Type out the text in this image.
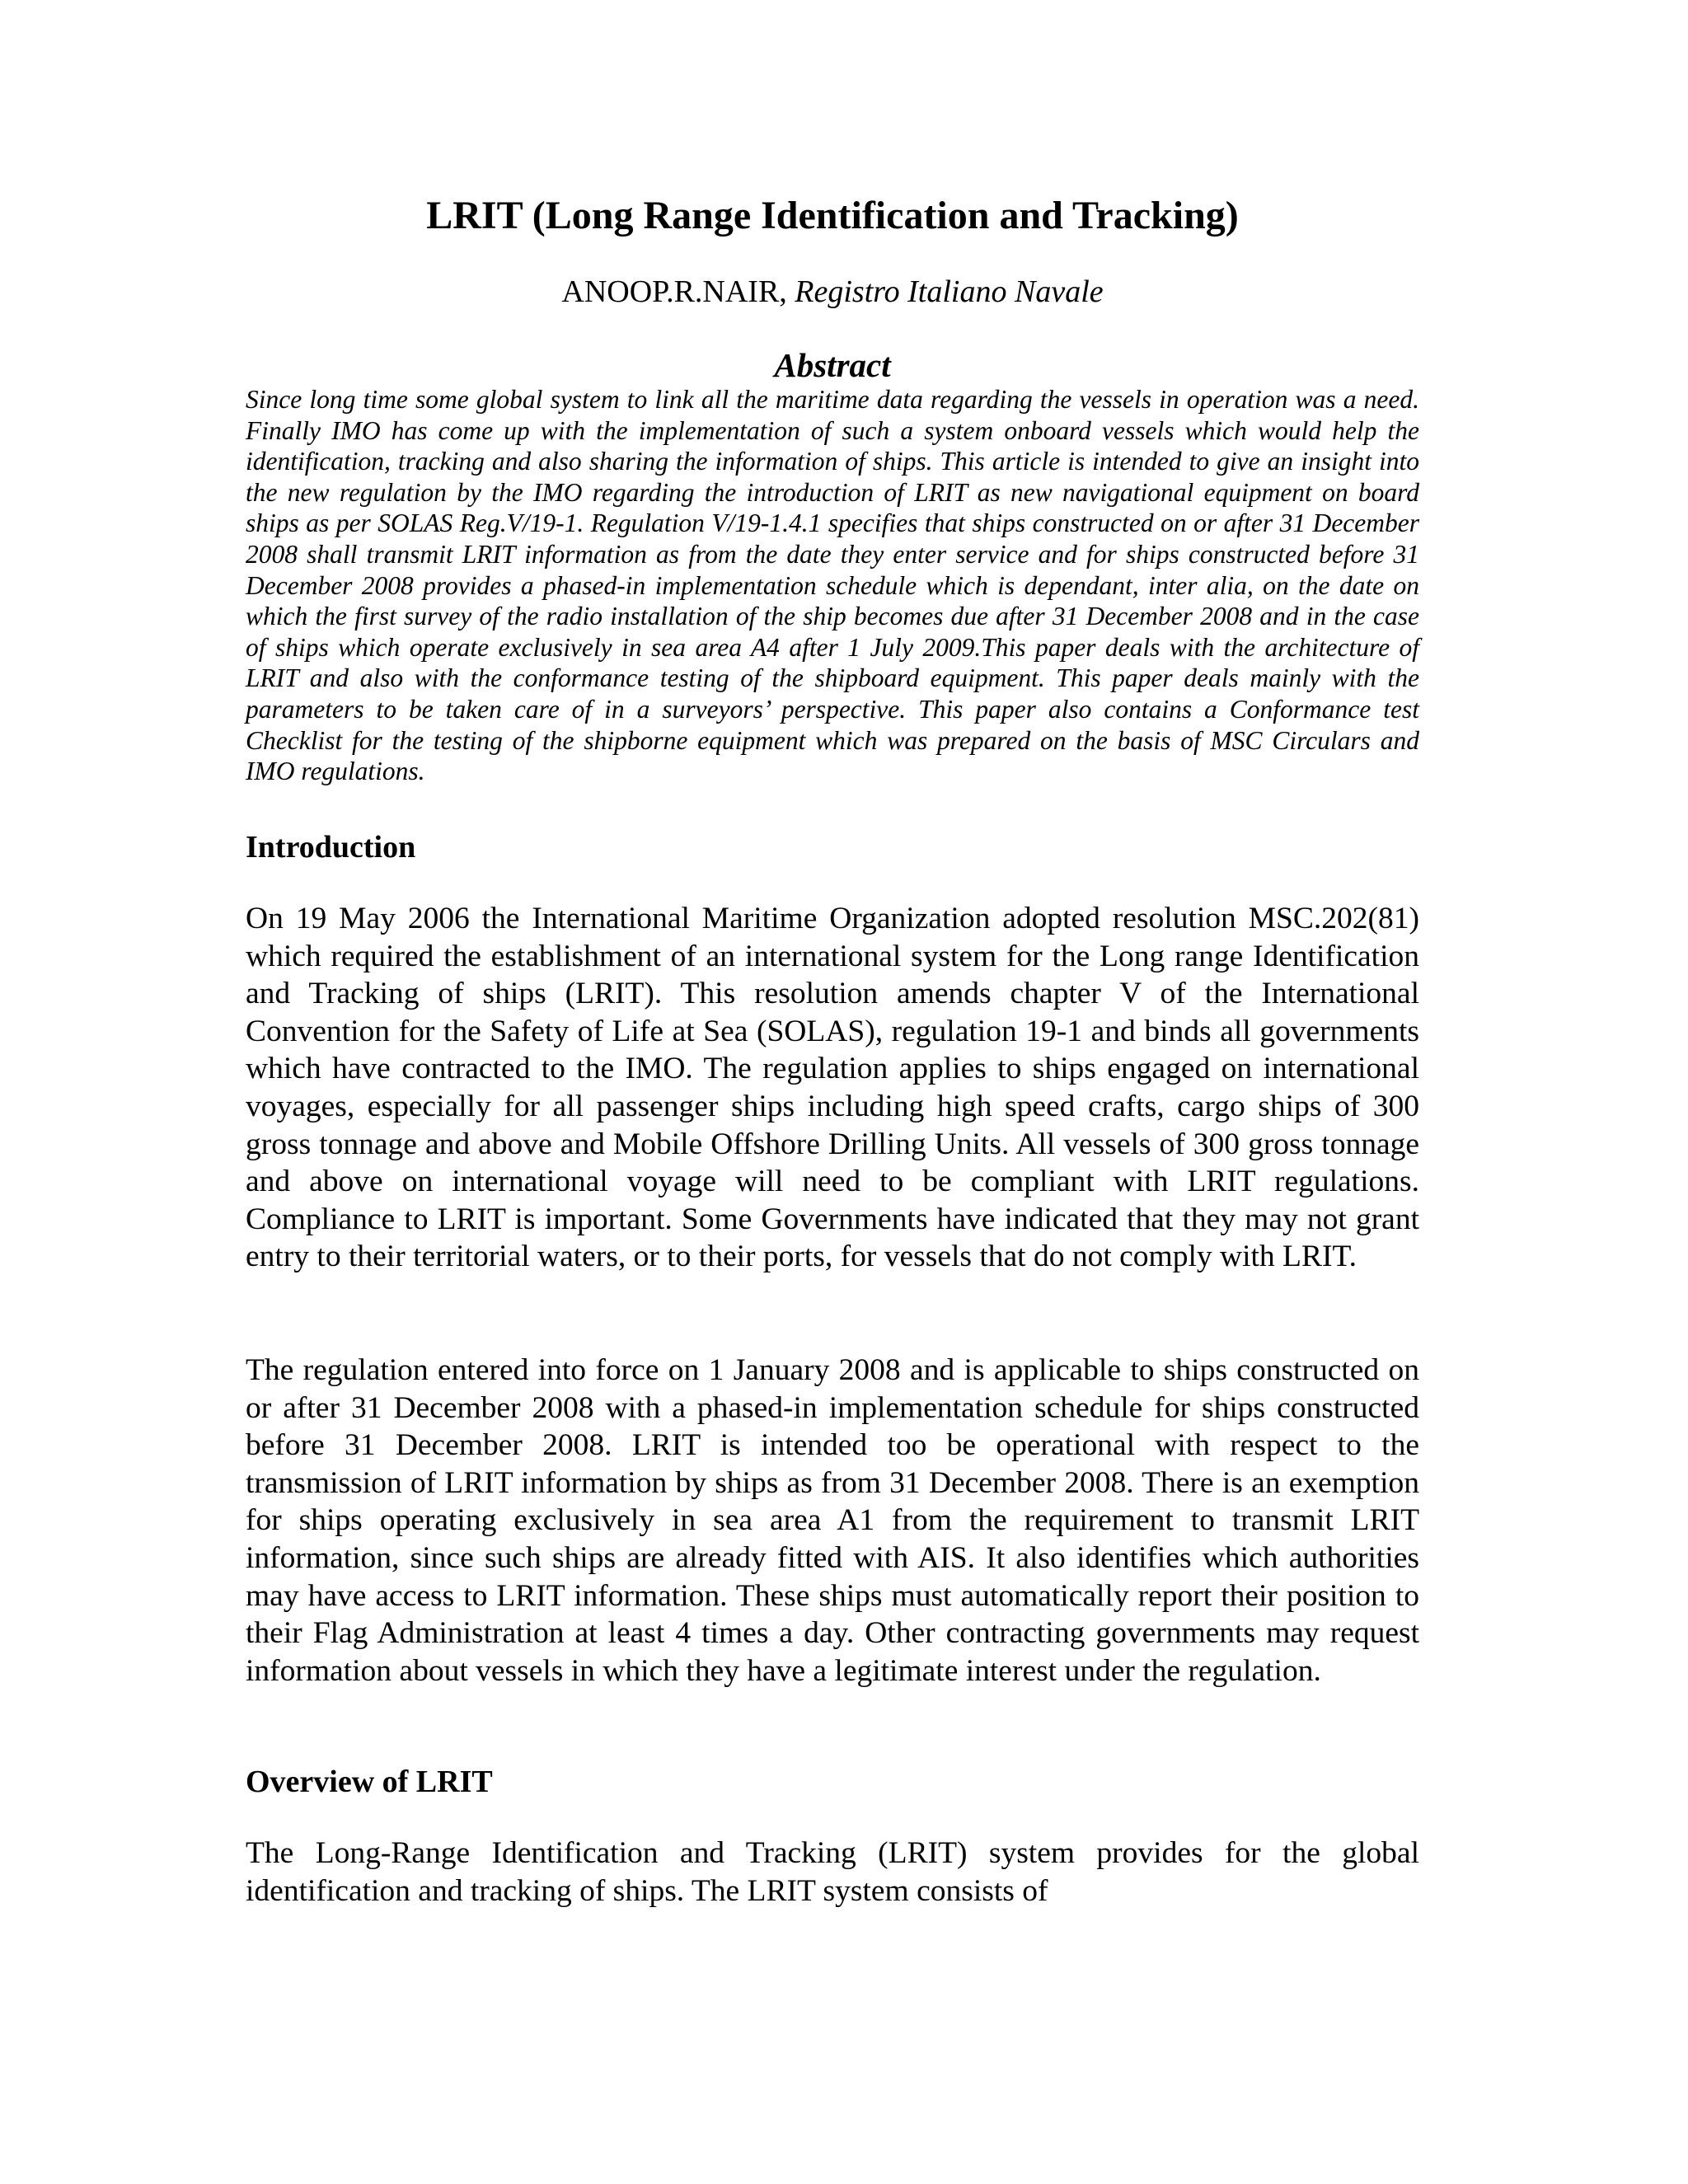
LRIT (Long Range Identification and Tracking)

ANOOP.R.NAIR, Registro Italiano Navale

Abstract

Since long time some global system to link all the maritime data regarding the vessels in operation was a need. Finally IMO has come up with the implementation of such a system onboard vessels which would help the identification, tracking and also sharing the information of ships. This article is intended to give an insight into the new regulation by the IMO regarding the introduction of LRIT as new navigational equipment on board ships as per SOLAS Reg.V/19-1. Regulation V/19-1.4.1 specifies that ships constructed on or after 31 December 2008 shall transmit LRIT information as from the date they enter service and for ships constructed before 31 December 2008 provides a phased-in implementation schedule which is dependant, inter alia, on the date on which the first survey of the radio installation of the ship becomes due after 31 December 2008 and in the case of ships which operate exclusively in sea area A4 after 1 July 2009.This paper deals with the architecture of LRIT and also with the conformance testing of the shipboard equipment. This paper deals mainly with the parameters to be taken care of in a surveyors’ perspective. This paper also contains a Conformance test Checklist for the testing of the shipborne equipment which was prepared on the basis of MSC Circulars and IMO regulations.

Introduction

On 19 May 2006 the International Maritime Organization adopted resolution MSC.202(81) which required the establishment of an international system for the Long range Identification and Tracking of ships (LRIT). This resolution amends chapter V of the International Convention for the Safety of Life at Sea (SOLAS), regulation 19-1 and binds all governments which have contracted to the IMO. The regulation applies to ships engaged on international voyages, especially for all passenger ships including high speed crafts, cargo ships of 300 gross tonnage and above and Mobile Offshore Drilling Units. All vessels of 300 gross tonnage and above on international voyage will need to be compliant with LRIT regulations. Compliance to LRIT is important. Some Governments have indicated that they may not grant entry to their territorial waters, or to their ports, for vessels that do not comply with LRIT.

The regulation entered into force on 1 January 2008 and is applicable to ships constructed on or after 31 December 2008 with a phased-in implementation schedule for ships constructed before 31 December 2008. LRIT is intended too be operational with respect to the transmission of LRIT information by ships as from 31 December 2008. There is an exemption for ships operating exclusively in sea area A1 from the requirement to transmit LRIT information, since such ships are already fitted with AIS. It also identifies which authorities may have access to LRIT information. These ships must automatically report their position to their Flag Administration at least 4 times a day. Other contracting governments may request information about vessels in which they have a legitimate interest under the regulation.

Overview of LRIT

The Long-Range Identification and Tracking (LRIT) system provides for the global identification and tracking of ships. The LRIT system consists of
